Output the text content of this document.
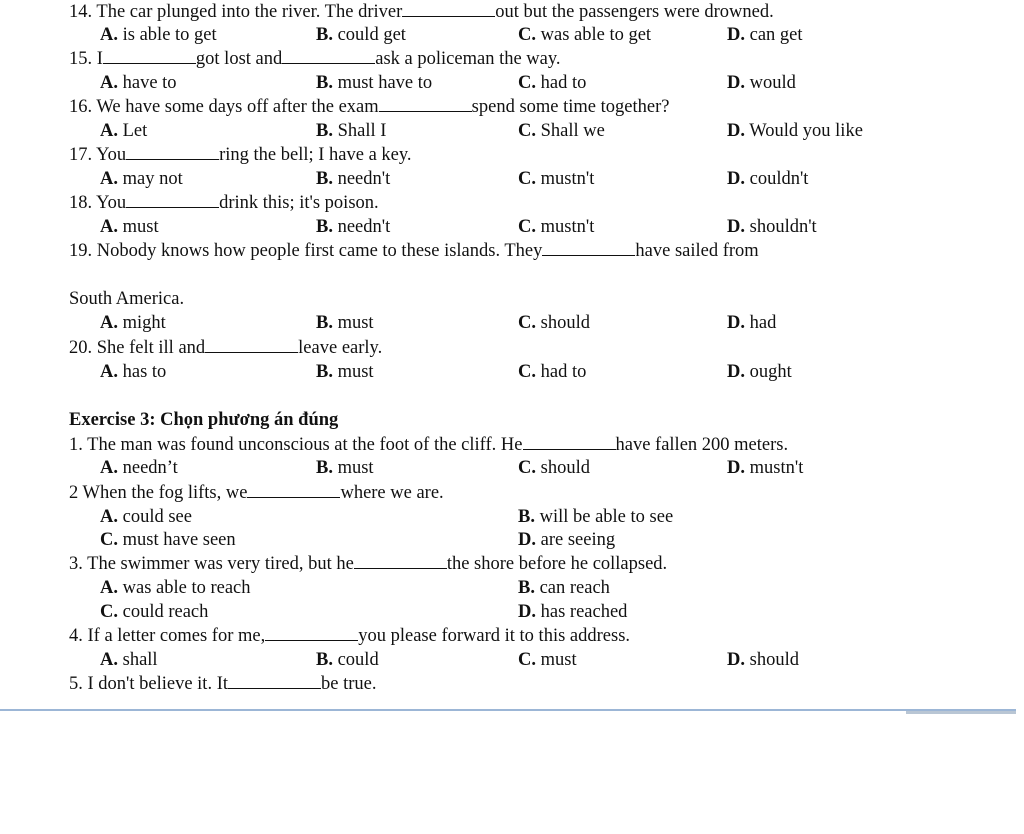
14. The car plunged into the river. The driver	out but the passengers were drowned.
A. is able to get	B. could get	C. was able to get	D. can get
15. I	got lost and	ask a policeman the way.
A. have to	B. must have to	C. had to	D. would
16. We have some days off after the exam	spend some time together?
A. Let	B. Shall I	C. Shall we	D. Would you like
17. You	ring the bell; I have a key.
A. may not	B. needn't	C. mustn't	D. couldn't
18. You	drink this; it's poison.
A. must	B. needn't	C. mustn't	D. shouldn't
19. Nobody knows how people first came to these islands. They	have sailed from
South America.
A. might	B. must	C. should	D. had
20. She felt ill and	leave early.
A. has to	B. must	C. had to	D. ought
Exercise 3: Chọn phương án đúng
1. The man was found unconscious at the foot of the cliff. He	have fallen 200 meters.
A. needn’t	B. must	C. should	D. mustn't
2 When the fog lifts, we	where we are.
A. could see	B. will be able to see
C. must have seen	D. are seeing
3. The swimmer was very tired, but he	the shore before he collapsed.
A. was able to reach	B. can reach
C. could reach	D. has reached
4. If a letter comes for me,	you please forward it to this address.
A. shall	B. could	C. must	D. should
5. I don't believe it. It	be true.
